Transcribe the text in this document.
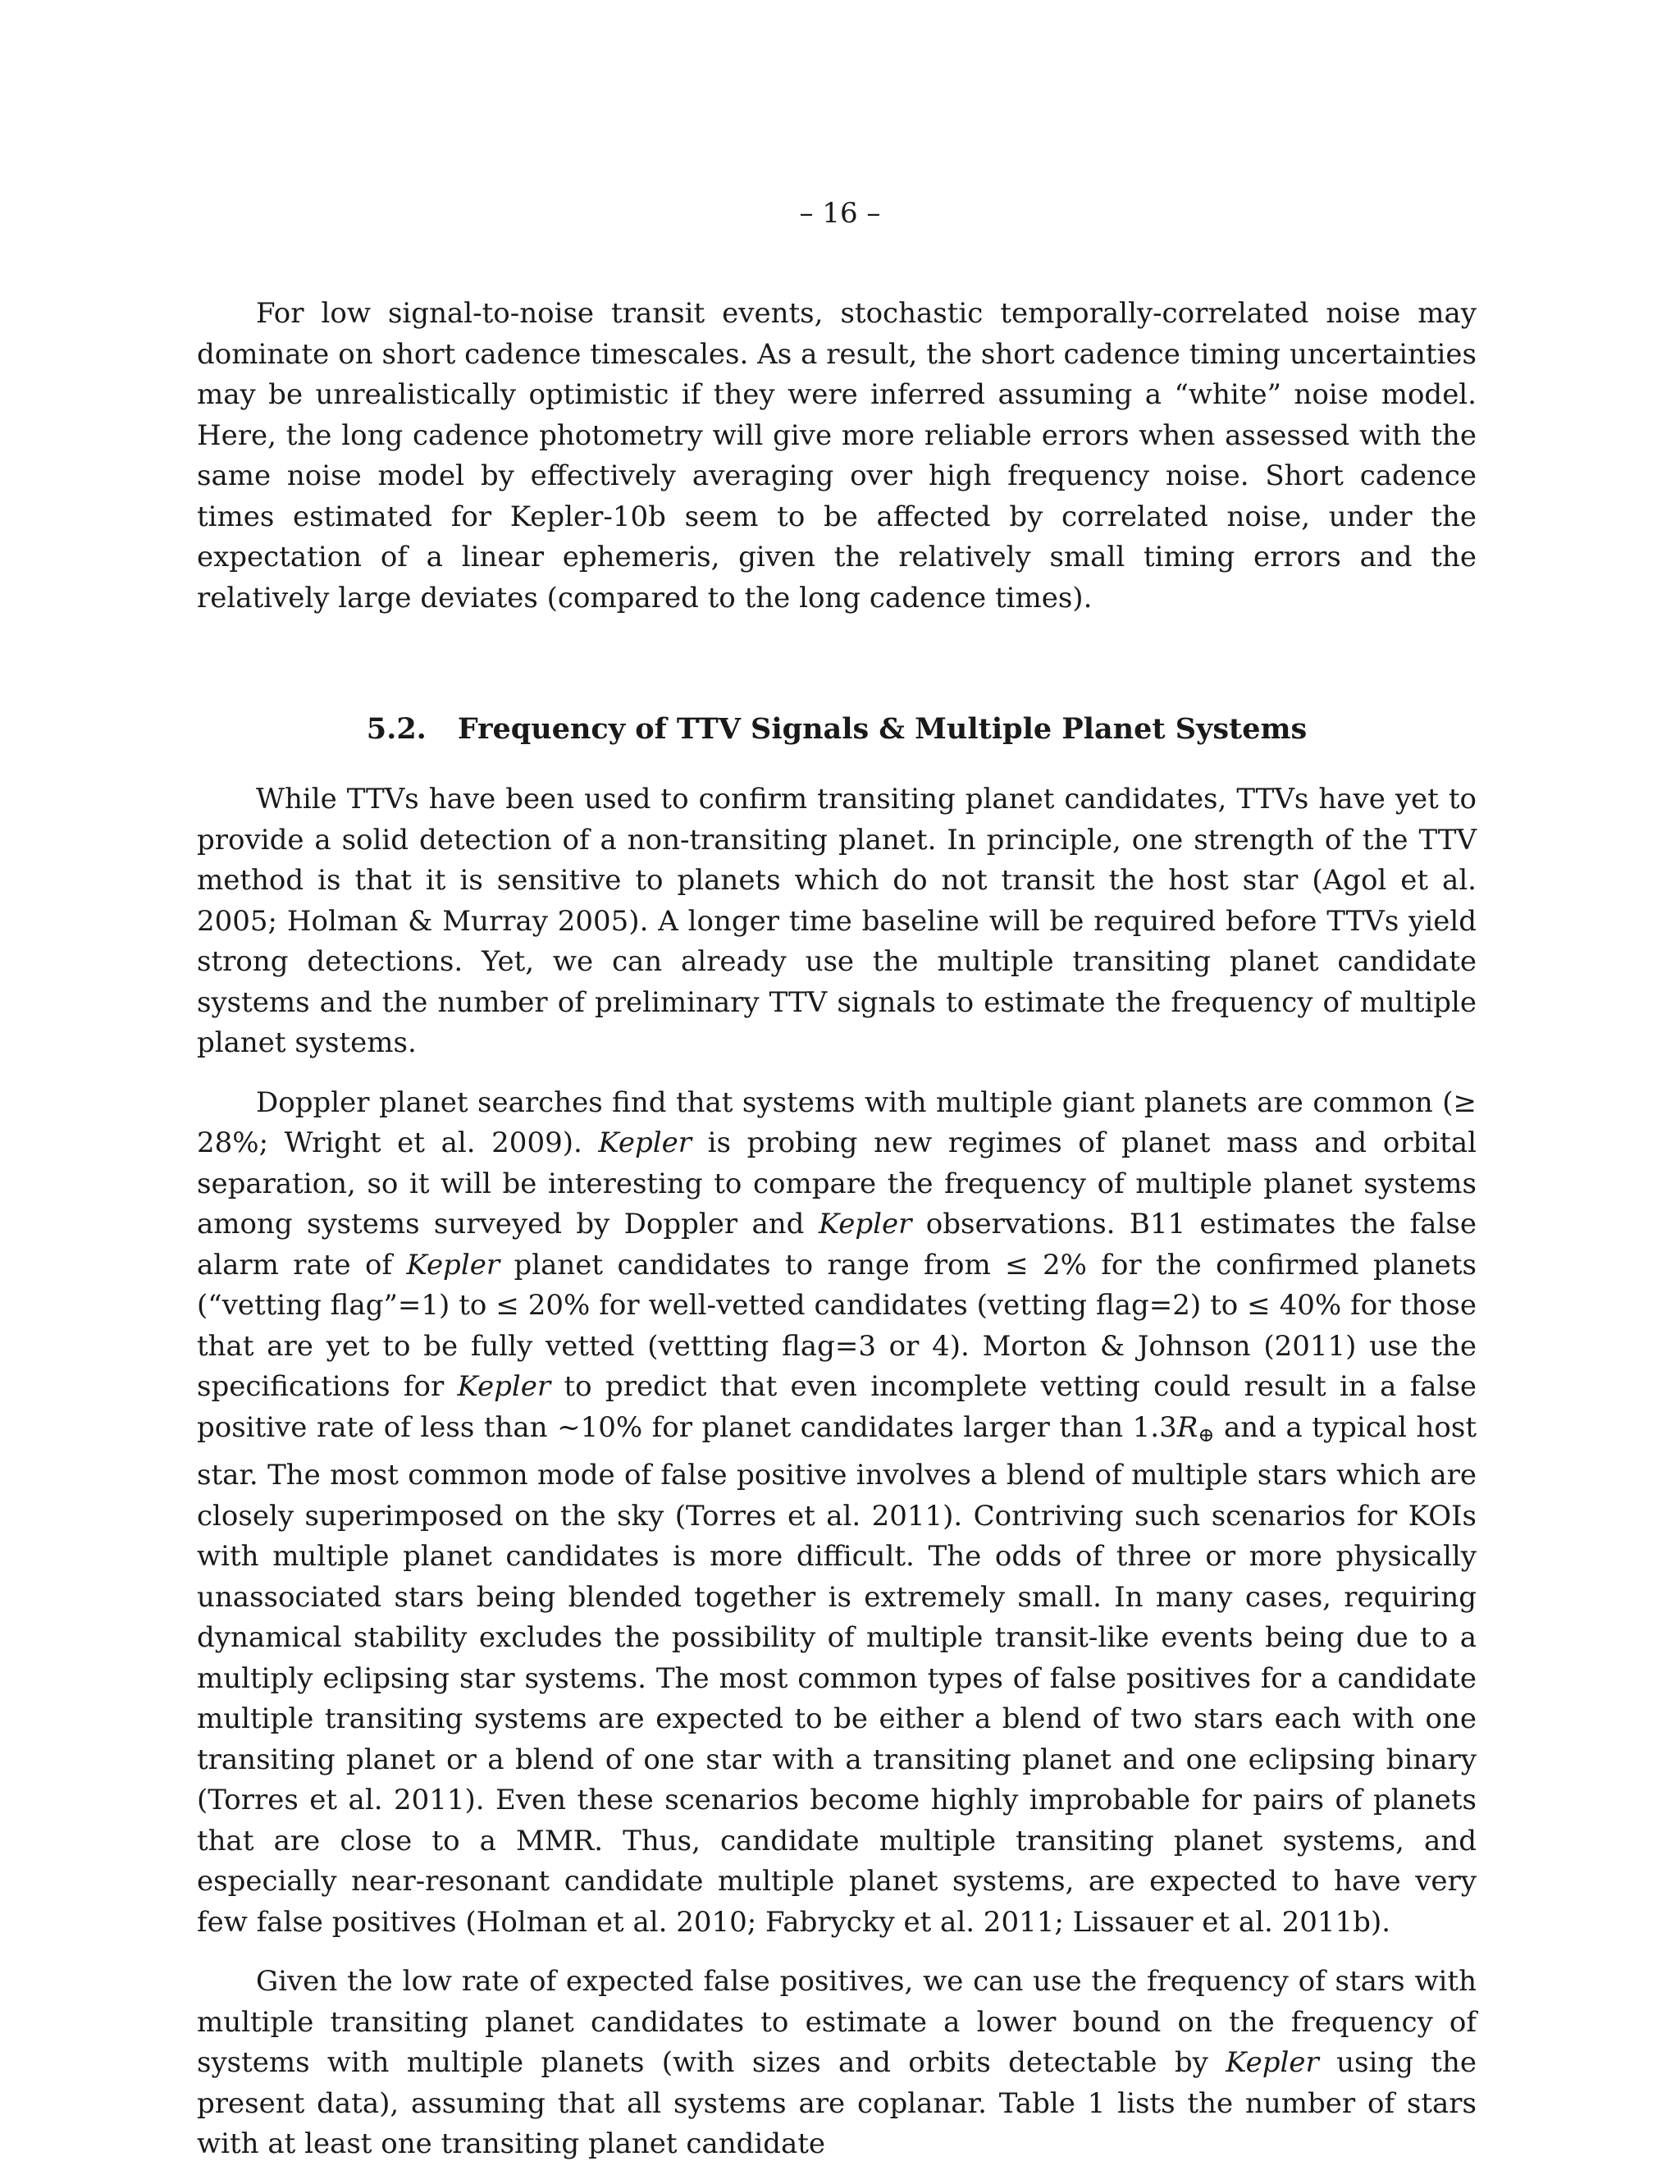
– 16 –

For low signal-to-noise transit events, stochastic temporally-correlated noise may dominate on short cadence timescales. As a result, the short cadence timing uncertainties may be unrealistically optimistic if they were inferred assuming a “white” noise model. Here, the long cadence photometry will give more reliable errors when assessed with the same noise model by effectively averaging over high frequency noise. Short cadence times estimated for Kepler-10b seem to be affected by correlated noise, under the expectation of a linear ephemeris, given the relatively small timing errors and the relatively large deviates (compared to the long cadence times).

5.2. Frequency of TTV Signals & Multiple Planet Systems

While TTVs have been used to confirm transiting planet candidates, TTVs have yet to provide a solid detection of a non-transiting planet. In principle, one strength of the TTV method is that it is sensitive to planets which do not transit the host star (Agol et al. 2005; Holman & Murray 2005). A longer time baseline will be required before TTVs yield strong detections. Yet, we can already use the multiple transiting planet candidate systems and the number of preliminary TTV signals to estimate the frequency of multiple planet systems.

Doppler planet searches find that systems with multiple giant planets are common (≥ 28%; Wright et al. 2009). Kepler is probing new regimes of planet mass and orbital separation, so it will be interesting to compare the frequency of multiple planet systems among systems surveyed by Doppler and Kepler observations. B11 estimates the false alarm rate of Kepler planet candidates to range from ≤ 2% for the confirmed planets (“vetting flag”=1) to ≤ 20% for well-vetted candidates (vetting flag=2) to ≤ 40% for those that are yet to be fully vetted (vettting flag=3 or 4). Morton & Johnson (2011) use the specifications for Kepler to predict that even incomplete vetting could result in a false positive rate of less than ~10% for planet candidates larger than $1.3R_\oplus$ and a typical host star. The most common mode of false positive involves a blend of multiple stars which are closely superimposed on the sky (Torres et al. 2011). Contriving such scenarios for KOIs with multiple planet candidates is more difficult. The odds of three or more physically unassociated stars being blended together is extremely small. In many cases, requiring dynamical stability excludes the possibility of multiple transit-like events being due to a multiply eclipsing star systems. The most common types of false positives for a candidate multiple transiting systems are expected to be either a blend of two stars each with one transiting planet or a blend of one star with a transiting planet and one eclipsing binary (Torres et al. 2011). Even these scenarios become highly improbable for pairs of planets that are close to a MMR. Thus, candidate multiple transiting planet systems, and especially near-resonant candidate multiple planet systems, are expected to have very few false positives (Holman et al. 2010; Fabrycky et al. 2011; Lissauer et al. 2011b).

Given the low rate of expected false positives, we can use the frequency of stars with multiple transiting planet candidates to estimate a lower bound on the frequency of systems with multiple planets (with sizes and orbits detectable by Kepler using the present data), assuming that all systems are coplanar. Table 1 lists the number of stars with at least one transiting planet candidate
